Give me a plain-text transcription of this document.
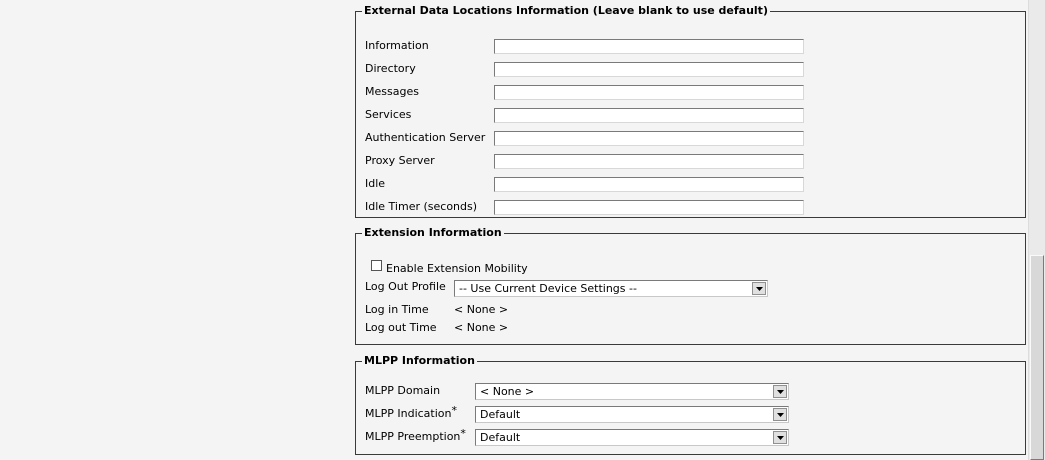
External Data Locations Information (Leave blank to use default)
Information
Directory
Messages
Services
Authentication Server
Proxy Server
Idle
Idle Timer (seconds)
Extension Information
Enable Extension Mobility
Log Out Profile -- Use Current Device Settings --
Log in Time < None >
Log out Time < None >
MLPP Information
MLPP Domain	< None >
MLPP Indication* Default
MLPP Preemption* Default
